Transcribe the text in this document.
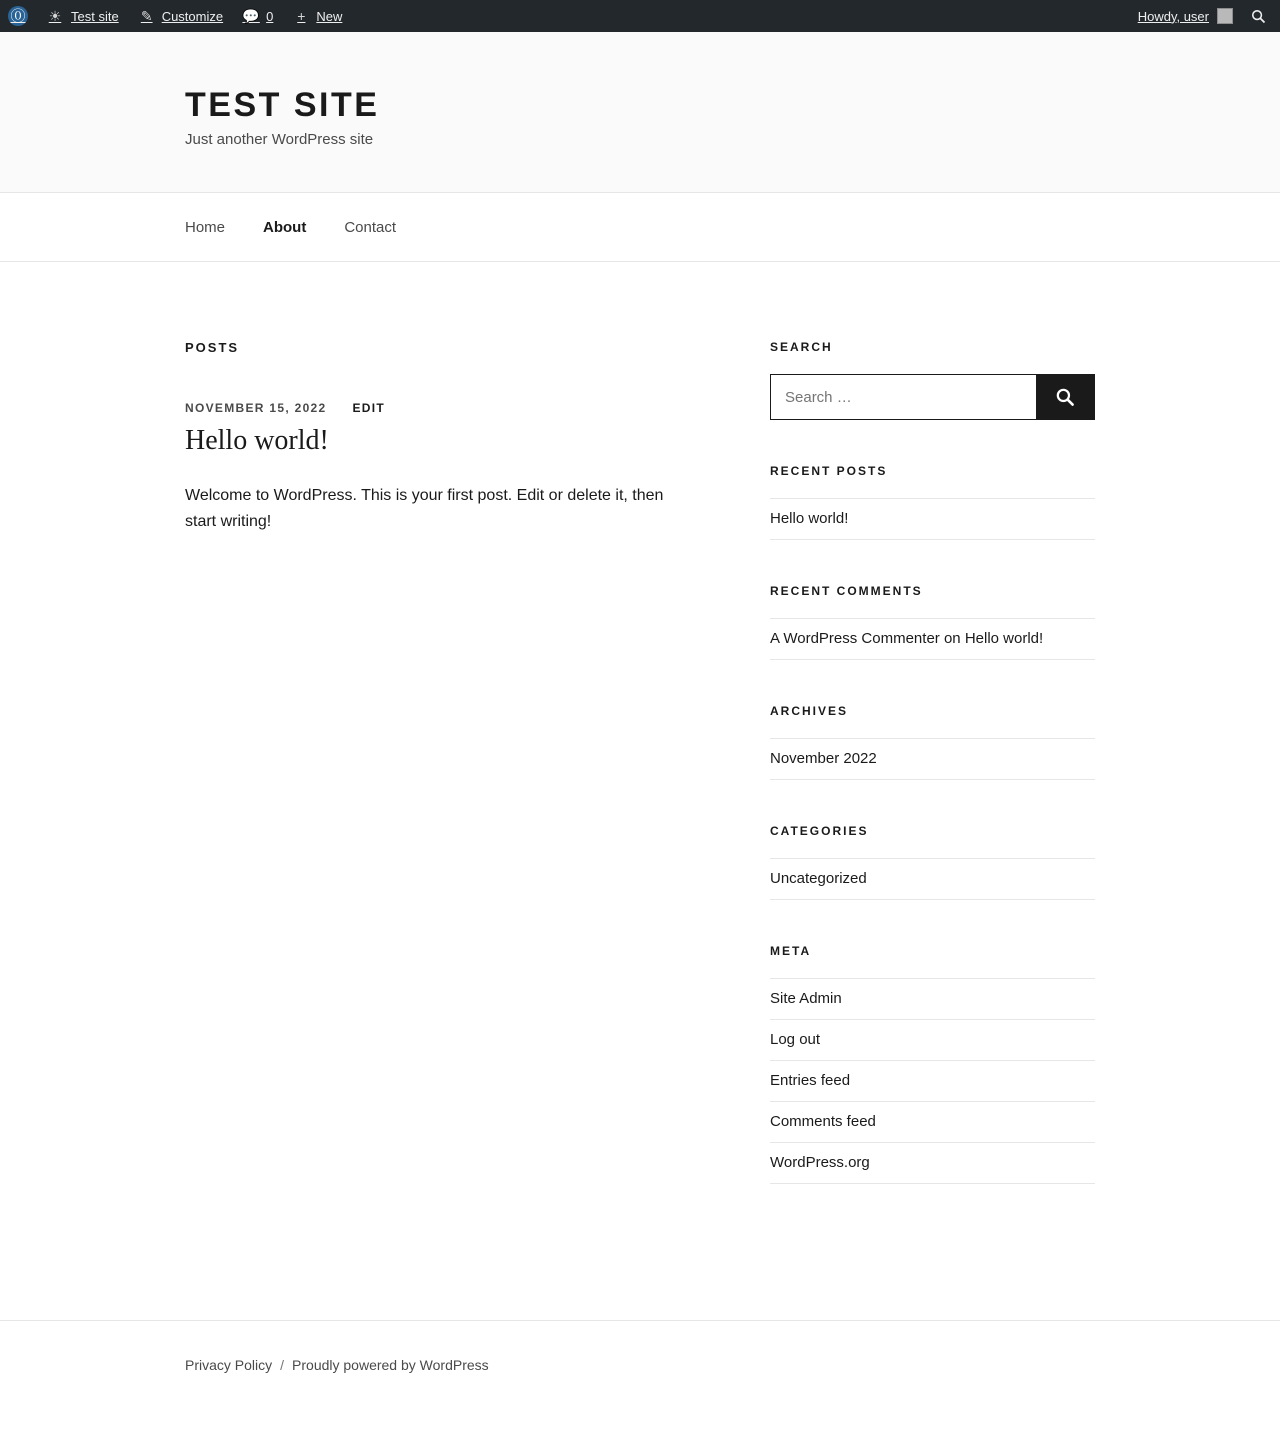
⓪ ☀ Test site ✎ Customize 💬 0 + New	Howdy, user
TEST SITE

Just another WordPress site

Home	About	Contact
POSTS
NOVEMBER 15, 2022 EDIT
Hello world!

Welcome to WordPress. This is your first post. Edit or delete it, then start writing!

SEARCH
Search …
RECENT POSTS
Hello world!
RECENT COMMENTS
A WordPress Commenter on Hello world!
ARCHIVES
November 2022
CATEGORIES
Uncategorized
META
Site Admin
Log out
Entries feed
Comments feed
WordPress.org
Privacy Policy / Proudly powered by WordPress
